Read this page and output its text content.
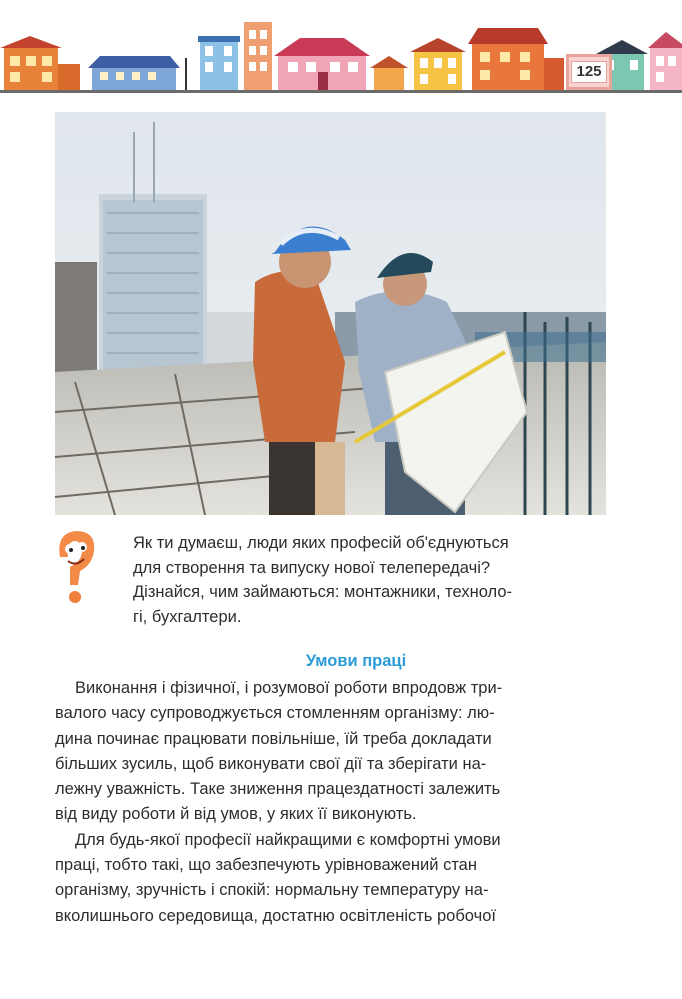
125
Як ти думаєш, люди яких професій об'єднуються
для створення та випуску нової телепередачі?
Дізнайся, чим займаються: монтажники, техноло-
гі, бухгалтери.
Умови праці
Виконання і фізичної, і розумової роботи впродовж три-
валого часу супроводжується стомленням організму: лю-
дина починає працювати повільніше, їй треба докладати
більших зусиль, щоб виконувати свої дії та зберігати на-
лежну уважність. Таке зниження працездатності залежить
від виду роботи й від умов, у яких її виконують.
Для будь-якої професії найкращими є комфортні умови
праці, тобто такі, що забезпечують урівноважений стан
організму, зручність і спокій: нормальну температуру на-
вколишнього середовища, достатню освітленість робочої
